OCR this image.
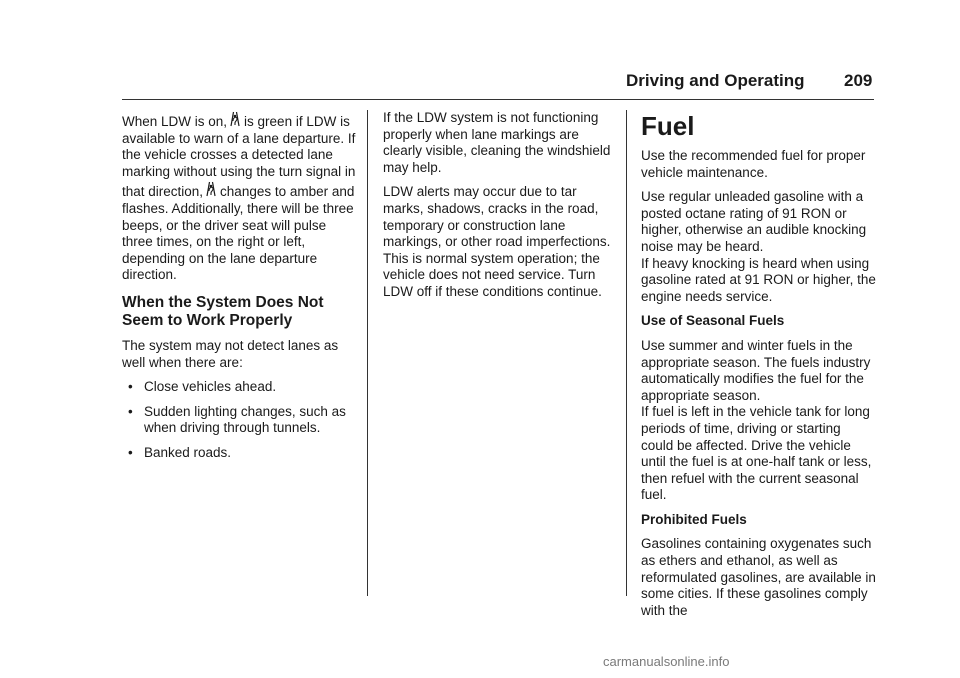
Driving and Operating 209

When LDW is on, is green if LDW is available to warn of a lane departure. If the vehicle crosses a detected lane marking without using the turn signal in that direction, changes to amber and flashes. Additionally, there will be three beeps, or the driver seat will pulse three times, on the right or left, depending on the lane departure direction.

When the System Does Not Seem to Work Properly

The system may not detect lanes as well when there are:

• Close vehicles ahead.
• Sudden lighting changes, such as when driving through tunnels.
• Banked roads.

If the LDW system is not functioning properly when lane markings are clearly visible, cleaning the windshield may help.

LDW alerts may occur due to tar marks, shadows, cracks in the road, temporary or construction lane markings, or other road imperfections. This is normal system operation; the vehicle does not need service. Turn LDW off if these conditions continue.

Fuel

Use the recommended fuel for proper vehicle maintenance.

Use regular unleaded gasoline with a posted octane rating of 91 RON or higher, otherwise an audible knocking noise may be heard.

If heavy knocking is heard when using gasoline rated at 91 RON or higher, the engine needs service.

Use of Seasonal Fuels

Use summer and winter fuels in the appropriate season. The fuels industry automatically modifies the fuel for the appropriate season.

If fuel is left in the vehicle tank for long periods of time, driving or starting could be affected. Drive the vehicle until the fuel is at one-half tank or less, then refuel with the current seasonal fuel.

Prohibited Fuels

Gasolines containing oxygenates such as ethers and ethanol, as well as reformulated gasolines, are available in some cities. If these gasolines comply with the

carmanualsonline.info
